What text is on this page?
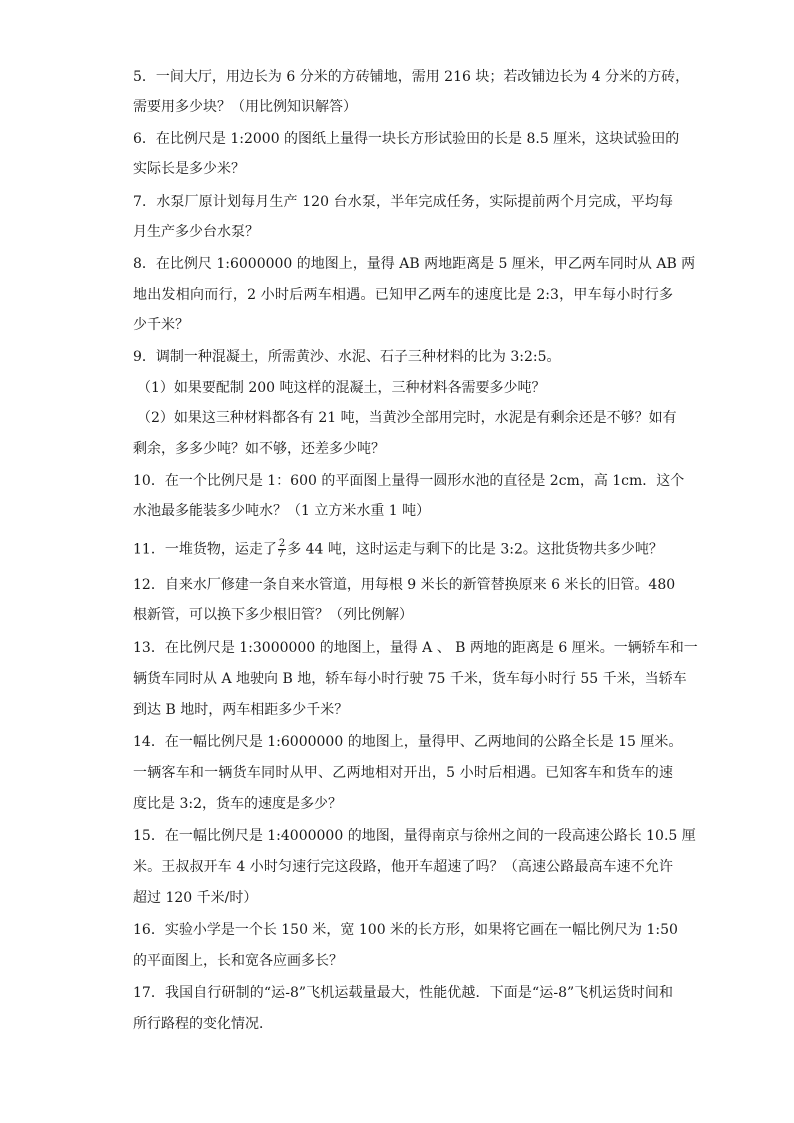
5．一间大厅，用边长为 6 分米的方砖铺地，需用 216 块；若改铺边长为 4 分米的方砖，
需要用多少块？（用比例知识解答）
6．在比例尺是 1:2000 的图纸上量得一块长方形试验田的长是 8.5 厘米，这块试验田的
实际长是多少米？
7．水泵厂原计划每月生产 120 台水泵，半年完成任务，实际提前两个月完成，平均每
月生产多少台水泵？
8．在比例尺 1:6000000 的地图上，量得 AB 两地距离是 5 厘米，甲乙两车同时从 AB 两
地出发相向而行，2 小时后两车相遇。已知甲乙两车的速度比是 2:3，甲车每小时行多
少千米？
9．调制一种混凝土，所需黄沙、水泥、石子三种材料的比为 3:2:5。
（1）如果要配制 200 吨这样的混凝土，三种材料各需要多少吨？
（2）如果这三种材料都各有 21 吨，当黄沙全部用完时，水泥是有剩余还是不够？如有
剩余，多多少吨？如不够，还差多少吨？
10．在一个比例尺是 1：600 的平面图上量得一圆形水池的直径是 2cm，高 1cm．这个
水池最多能装多少吨水？（1 立方米水重 1 吨）
11．一堆货物，运走了 $\frac{2}{7}$ 多 44 吨，这时运走与剩下的比是 3:2。这批货物共多少吨？
12．自来水厂修建一条自来水管道，用每根 9 米长的新管替换原来 6 米长的旧管。480
根新管，可以换下多少根旧管？（列比例解）
13．在比例尺是 1:3000000 的地图上，量得 A 、 B 两地的距离是 6 厘米。一辆轿车和一
辆货车同时从 A 地驶向 B 地，轿车每小时行驶 75 千米，货车每小时行 55 千米，当轿车
到达 B 地时，两车相距多少千米？
14．在一幅比例尺是 1:6000000 的地图上，量得甲、乙两地间的公路全长是 15 厘米。
一辆客车和一辆货车同时从甲、乙两地相对开出，5 小时后相遇。已知客车和货车的速
度比是 3:2，货车的速度是多少？
15．在一幅比例尺是 1:4000000 的地图，量得南京与徐州之间的一段高速公路长 10.5 厘
米。王叔叔开车 4 小时匀速行完这段路，他开车超速了吗？（高速公路最高车速不允许
超过 120 千米/时）
16．实验小学是一个长 150 米，宽 100 米的长方形，如果将它画在一幅比例尺为 1:50
的平面图上，长和宽各应画多长？
17．我国自行研制的“运-8”飞机运载量最大，性能优越．下面是“运-8”飞机运货时间和
所行路程的变化情况．
